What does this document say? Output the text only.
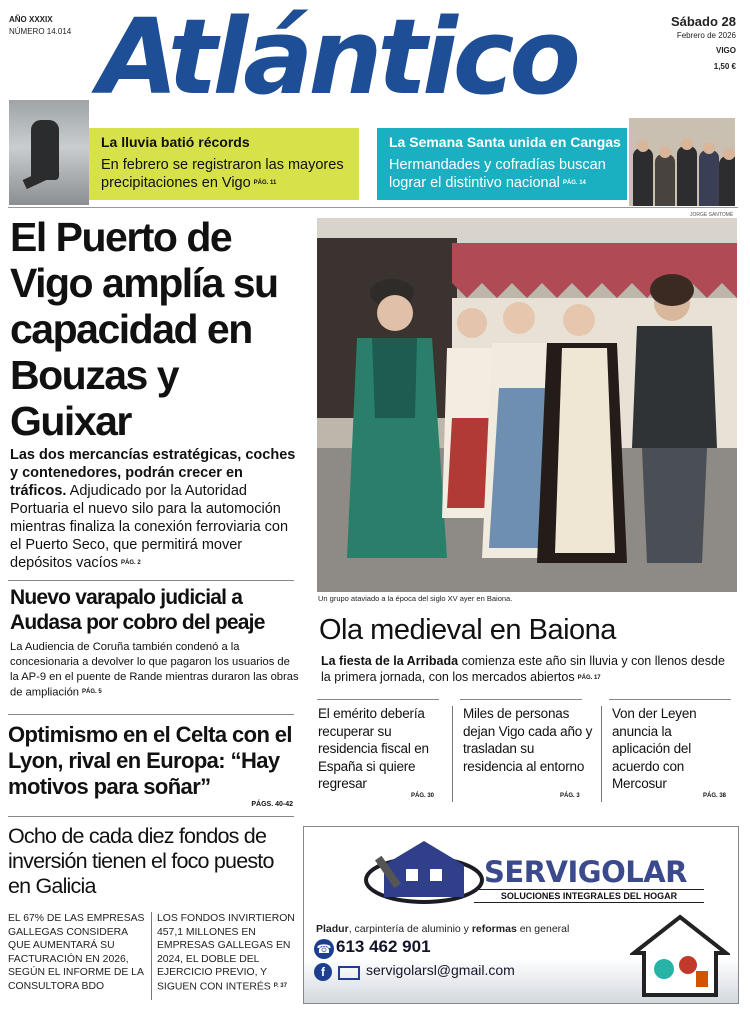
AÑO XXXIX
NÚMERO 14.014 Atlántico	Sábado 28
Febrero de 2026
VIGO
1,50 €
La lluvia batió récords
En febrero se registraron las mayores precipitaciones en Vigo PÁG. 11
La Semana Santa unida en Cangas
Hermandades y cofradías buscan lograr el distintivo nacional PÁG. 14
El Puerto de Vigo amplía su capacidad en Bouzas y Guixar
Las dos mercancías estratégicas, coches y contenedores, podrán crecer en tráficos. Adjudicado por la Autoridad Portuaria el nuevo silo para la automoción mientras finaliza la conexión ferroviaria con el Puerto Seco, que permitirá mover depósitos vacíos PÁG. 2
Nuevo varapalo judicial a Audasa por cobro del peaje
La Audiencia de Coruña también condenó a la concesionaria a devolver lo que pagaron los usuarios de la AP-9 en el puente de Rande mientras duraron las obras de ampliación PÁG. 5
Optimismo en el Celta con el Lyon, rival en Europa: “Hay motivos para soñar”
PÁGS. 40-42
Ocho de cada diez fondos de inversión tienen el foco puesto en Galicia
EL 67% DE LAS EMPRESAS GALLEGAS CONSIDERA QUE AUMENTARÁ SU FACTURACIÓN EN 2026, SEGÚN EL INFORME DE LA CONSULTORA BDO
LOS FONDOS INVIRTIERON 457,1 MILLONES EN EMPRESAS GALLEGAS EN 2024, EL DOBLE DEL EJERCICIO PREVIO, Y SIGUEN CON INTERÉS P. 37
JORGE SANTOMÉ
Un grupo ataviado a la época del siglo XV ayer en Baiona.
Ola medieval en Baiona
La fiesta de la Arribada comienza este año sin lluvia y con llenos desde la primera jornada, con los mercados abiertos PÁG. 17
El emérito debería recuperar su residencia fiscal en España si quiere regresar
PÁG. 30
Miles de personas dejan Vigo cada año y trasladan su residencia al entorno
PÁG. 3
Von der Leyen anuncia la aplicación del acuerdo con Mercosur
PÁG. 38
SERVIGOLAR
SOLUCIONES INTEGRALES DEL HOGAR
Pladur, carpintería de aluminio y reformas en general
☎ 613 462 901
f	servigolarsl@gmail.com
